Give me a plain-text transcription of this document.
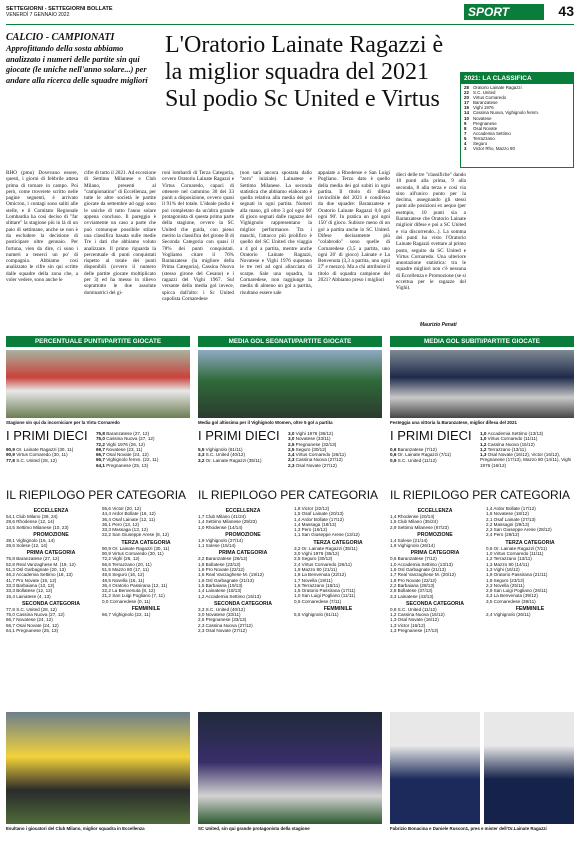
SETTEGIORNI - SETTEGIORNI BOLLATE
VENERDÌ 7 GENNAIO 2022	SPORT	43
CALCIO - CAMPIONATI
Approfittando della sosta abbiamo analizzato i numeri delle partite sin qui giocate (le uniche nell'anno solare...) per andare alla ricerca delle squadre migliori
L'Oratorio Lainate Ragazzi è la miglior squadra del 2021 Sul podio Sc United e Virtus
2021: LA CLASSIFICA
28 Oratorio Lainate Ragazzi
22 S.C. United
20 Virtus Cornaredo
17 Baranzatese
15 Vighi 1976
14 Cassina Nuova, Vighignolo femm.
10 Novatese
9 Pregnanese
8 Osal Novate
7 Accademia Settimo
5 Terrazzano
4 Seguro
3 Victor Rho, Mazzo 80
RHO (pmu) Dovevano essere, questi, i giorni di febbrile attesa prima di tornare in campo. Poi però, come troverete scritto nelle pagine seguenti, è arrivato Omicron, i contagi sono saliti alle stelle, e il Comitato Regionale Lombardia ha così deciso di "far slittare" la stagione più in là di un paio di settimane, anche se non è da escludere la decisione di posticipare oltre gennaio. Per fortuna, vien da dire, ci sono i numeri a tenerci un po' di compagnia. Abbiamo così analizzato le cifre sin qui scritte dalle squadre della zona che, a voler vedere, sono anche le
cifre di tutto il 2021. Ad eccezione di Settimo Milanese e Club Milano, presenti al "campionatino" di Eccellenza, per tutte le altre società le partite giocate da settembre ad oggi sono le uniche di tutto l'anno solare appena concluso. Il pareggio è ovviamente un caso a parte che può comunque possibile stilare una classifica basata sulle medie Tre i dati che abbiamo voluto analizzare. Il primo riguarda la percentuale di punti conquistati rispetto al totale dei punti disponibili (ovvero il numero delle partite giocate moltiplicato per 3) ed ha messo in rilievo soprattutto le due assolute dominatrici del gi-
roni lombardi di Terza Categoria, ovvero Oratorio Lainate Ragazzi e Virtus Cornaredo, capaci di ottenere nel cammino 30 dei 33 punti a disposizione, ovvero quasi il 91% del totale. L'ideale podio è poi completato da un'altra grande protagonista di questa prima parte della stagione, ovvero la SC United che guida, con pieno merito la classifica del girone B di Seconda Categoria con quasi il 78% dei punti conquistati. Vogliamo citare il 76% Baranzatese (la migliore della Prima Categoria), Cassina Nuova (stesso girone del Cesano) e i ragazzi del Vighi 1967. Sul versante della media gol invece, spicca dall'alto: i Sc United capolista Cornaredese
(non sarà ancora spostata dallo "zero" iniziale). Lainatese e Settimo Milanese. La seconda statistica che abbiamo elaborato è quella relativa alla media dei gol segnati in ogni partita. Numeri alla mano, gli oltre 3 gol ogni 90' di gioco segnati dalle ragazze del Vighignolo rappresentano la miglior performance. Tra i maschi, l'attacco più prolifico è quello del SC United che viaggia a 4 gol a partita, mentre anche Oratorio Lainate Ragazzi, Novatese e Vighi 1976 superano le tre reti ad ogni allacciata di scarpe. Sale una squadra, la Cornaredese, non raggiunge la media di almeno un gol a partita, risultano essere sale
appaiate a Rhodense e San Luigi Pogliano. Terzo dato è quello della media dei gol subiti in ogni partita. Il titolo di difesa invincibile del 2021 è condiviso da due squadre: Baranzatese e Oratorio Lainate Ragazzi 0,6 gol ogni 90'. In pratica un gol ogni 150' di gioco. Subisce meno di un gol a partita anche lo SC United. Difese decisamente più "colabrodo" sono quelle di Cornaredese (3,5 a partita, uno ogni 26' di gioco) Lainate e La Benvenuta (3,3 a partita, uno ogni 27' e mezzo). Ma a chi attribuire il titolo di squadra campione del 2021? Abbiamo preso i migliori
dieci delle tre "classifiche" dando 10 punti alla prima, 9 alla seconda, 8 alla terza e così via sino all'unico punto per la decima, assegnando gli stessi punti alle posizioni ex aequo (per esempio, 10 punti sia a Baranzatese che Oratorio Lainate miglioir difese e poi a SC United e via discorrendo...). La somma dei punti ha visto l'Oratorio Lainate Ragazzi svettare al primo posto, seguito da SC United e Virtus Cornaredo. Una ulteriore annotazione statistica: tra le squadre migliori non c'è nessuna di Eccellenza e Promozione (se si eccettua per le ragazze del Vighi).
Maurizio Penati
PERCENTUALE PUNTI/PARTITE GIOCATE	MEDIA GOL SEGNATI/PARTITE GIOCATE	MEDIA GOL SUBITI/PARTITE GIOCATE
Stagione sin qui da incorniciare per la Virtu Cornaredo	Media gol altissima per il Vighignolo Women, oltre 5 gol a partita	Festeggia una vittoria la Baranzatese, miglior difesa del 2021
I PRIMI DIECI
90,9 Or. Lainate Ragazzi (30, 11)
90,9 Virtus Cornaredo (30, 11)
77,8 S.C. United (28, 12)
75,8 Baranzatese (27, 12)
75,0 Cassina Nuova (27, 12)
72,2 Vighi 1976 (26, 12)
69,7 Novatese (23, 11)
66,7 Osal Novate (24, 12)
66,7 Vighignolo femm. (22, 11)
64,1 Pregnanese (25, 13)
I PRIMI DIECI
5,5 Vighignolo (61/11)
3,3 S.C. United (40/12)
3,2 Or. Lainate Ragazzi (35/11)
3,0 Vighi 1976 (36/12)
3,0 Novatese (33/11)
2,5 Pregnanese (32/13)
2,5 Seguro (30/12)
2,4 Virtus Cornaredo (26/11)
2,3 Cassina Nuova (27/12)
2,3 Osal Novate (27/12)
I PRIMI DIECI
0,6 Baranzatese (7/12)
0,6 Or. Lainate Ragazzi (7/11)
0,9 S.C. United (11/12)
1,0 Accademia Settimo (13/13)
1,0 Virtus Cornaredo (11/11)
1,2 Cassina Nuova (15/12)
1,2 Terrazzano (13/11)
1,3 Osal Novate (16/12), Victor (16/12), Pregnanese (17/13), Mazzo 80 (14/11), Vighi 1976 (16/12)
IL RIEPILOGO PER CATEGORIA IL RIEPILOGO PER CATEGORIA IL RIEPILOGO PER CATEGORIA
ECCELLENZA
54,1 Club Milano (39, 24)
28,6 Rhodense (12, 14)
14,5 Settimo Milanese (10, 23)
PROMOZIONE
38,1 Vighignolo (16, 14)
28,6 Solese (12, 14)
PRIMA CATEGORIA
75,8 Baranzatese (27, 12)
52,8 Real Vanzaghese M. (19, 12)
51,3 Osl Garbagnate (20, 13)
46,2 Accademia Settimo (18, 13)
41,7 Pro Novate (15, 12)
33,3 Barbaiana (13, 13)
33,3 Bollatese (12, 12)
15,4 Lainatese (4, 13)
SECONDA CATEGORIA
77,8 S.C. United (28, 12)
75,0 Cassina Nuova (27, 12)
66,7 Novatese (24, 12)
66,7 Osal Novate (24, 12)
64,1 Pregnanese (25, 13)
55,6 Victor (20, 12)
44,4 Ardor Bollate (16, 12)
36,4 Osaf Lainate (12, 11)
36,1 Pero (13, 12)
33,3 Massaga (13, 12)
22,2 San Giuseppe Arese (8, 12)
TERZA CATEGORIA
90,9 Or. Lainate Ragazzi (30, 11)
90,9 Virtus Cornaredo (30, 11)
72,2 Vighi (26, 12)
66,6 Terrazzano (20, 11)
51,5 Mazzo 80 (17, 11)
48,5 Seguro (16, 12)
48,5 Novella (16, 11)
36,4 Oratorio Passirana (12, 11)
22,2 La Benvenuta (8, 12)
21,2 San Luigi Pogliano (7, 11)
0,0 Cornaredese (0, 11)
FEMMINILE
66,7 Vighignolo (22, 11)
ECCELLENZA
1,7 Club Milano (41/24)
1,4 Settimo Milanese (29/23)
1,0 Rhodense (14/14)
PROMOZIONE
1,9 Vighignolo (27/14)
1,1 Solese (15/14)
PRIMA CATEGORIA
2,2 Baranzatese (26/12)
1,8 Bollatese (23/13)
1,8 Pro Novate (22/12)
1,6 Real Vanzaghese M. (19/12)
1,6 Osl Garbagnate (21/13)
1,5 Barbaiana (19/13)
1,4 Lainatese (18/13)
1,2 Accademia Settimo (15/13)
SECONDA CATEGORIA
3,3 S.C. United (40/12)
3,0 Novatese (33/11)
2,5 Pregnanese (33/13)
2,3 Cassina Nuova (27/12)
2,3 Osal Novate (27/12)
1,8 Victor (22/12)
1,5 Osaf Lainate (20/13)
1,4 Ardor Bollate (17/12)
1,4 Massaga (18/13)
1,3 Pero (16/12)
1,1 San Giuseppe Arese (13/12)
TERZA CATEGORIA
3,2 Or. Lainate Ragazzi (35/11)
3,0 Vighi 1976 (36/12)
2,5 Seguro (30/12)
2,4 Virtus Cornaredo (26/11)
1,9 Mazzo 80 (21/11)
1,8 La Benvenuta (22/12)
1,7 Novella (19/11)
1,6 Terrazzano (18/11)
1,5 Oratorio Passirana (17/11)
1,0 San Luigi Pogliano (11/11)
0,6 Cornaredese (7/11)
FEMMINILE
5,5 Vighignolo (61/11)
ECCELLENZA
1,4 Rhodense (20/14)
1,5 Club Milano (35/24)
2,9 Settimo Milanese (67/23)
PROMOZIONE
1,4 Solese (21/14)
1,9 Vighignolo (26/14)
PRIMA CATEGORIA
0,6 Baranzatese (7/12)
1,0 Accademia Settimo (13/13)
1,6 Osl Garbagnate (21/13)
1,7 Real Vanzaghese M. (20/12)
1,8 Pro Novate (22/12)
2,2 Barbaiana (28/13)
2,8 Bollatese (37/13)
3,3 Lainatese (43/13)
SECONDA CATEGORIA
0,9 S.C. United (11/12)
1,2 Cassina Nuova (15/12)
1,3 Osal Novate (16/12)
1,3 Victor (16/12)
1,3 Pregnanese (17/13)
1,4 Ardor Bollate (17/12)
1,6 Novatese (18/12)
2,1 Osaf Lainate (27/13)
2,2 Massagni (29/13)
2,3 San Giuseppe Arese (28/12)
2,4 Pero (29/12)
TERZA CATEGORIA
0,6 Or. Lainate Ragazzi (7/11)
1,0 Virtus Cornaredo (11/11)
1,2 Terrazzano (13/11)
1,3 Mazzo 80 (14/11)
1,3 Vighi (16/12)
1,9 Oratorio Passirana (21/11)
1,9 Seguro (23/12)
2,3 Novella (25/11)
2,9 San Luigi Pogliano (26/11)
3,3 La Benvenuta (39/12)
3,5 Cornaredese (39/11)
FEMMINILE
2,4 Vighignolo (26/11)
Esultano i giocatori del Club Milano, miglior squadra in Eccellenza	SC United, sin qui grande protagonista della stagione	Fabrizio Bonacina e Daniele Ruscon1, pres e mister dell'Or.Lainate Ragazzi
